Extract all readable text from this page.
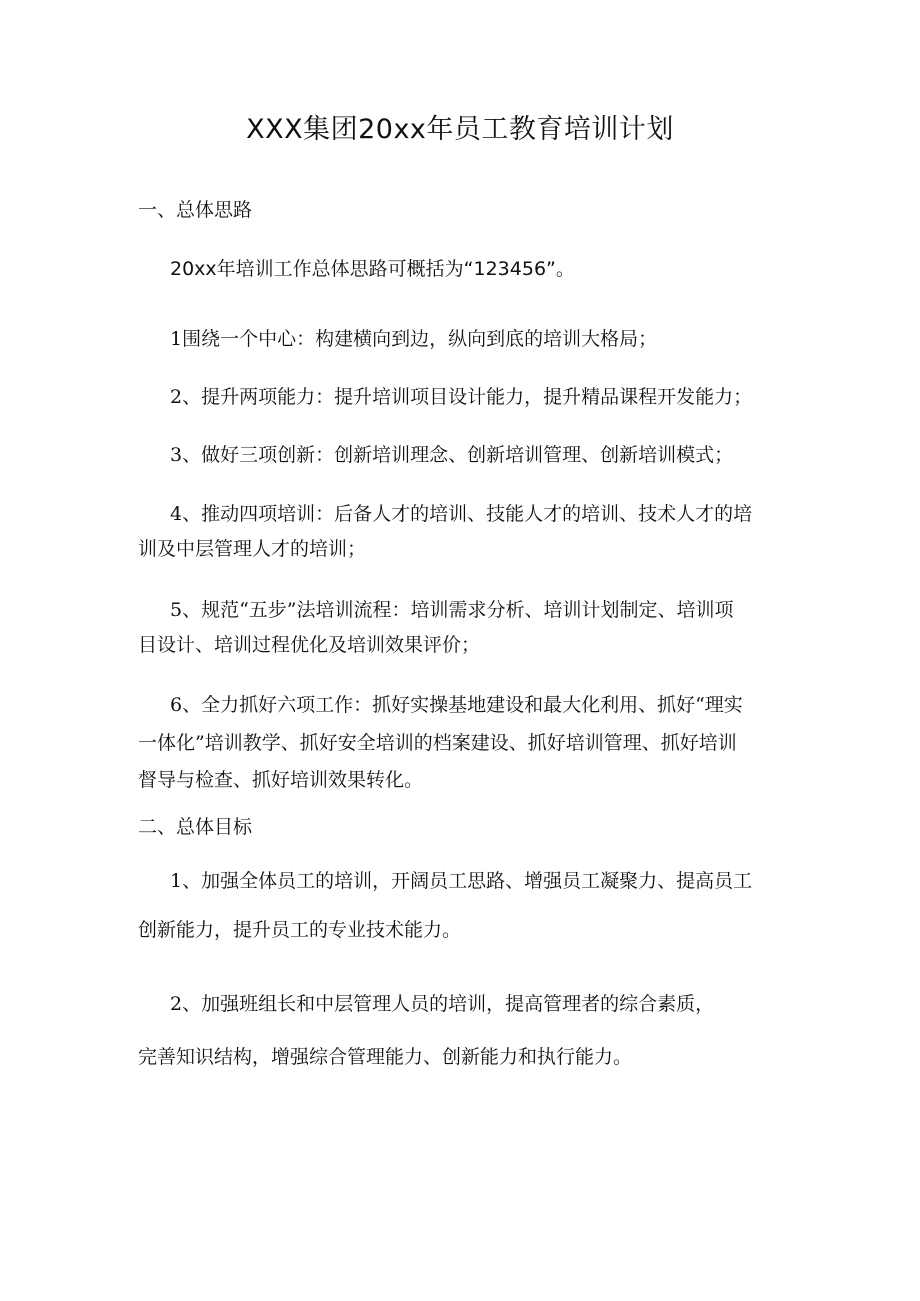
XXX集团20xx年员工教育培训计划
一、总体思路
20xx年培训工作总体思路可概括为“123456”。
1围绕一个中心：构建横向到边，纵向到底的培训大格局；
2、提升两项能力：提升培训项目设计能力，提升精品课程开发能力；
3、做好三项创新：创新培训理念、创新培训管理、创新培训模式；
4、推动四项培训：后备人才的培训、技能人才的培训、技术人才的培
训及中层管理人才的培训；
5、规范“五步”法培训流程：培训需求分析、培训计划制定、培训项
目设计、培训过程优化及培训效果评价；
6、全力抓好六项工作：抓好实操基地建设和最大化利用、抓好“理实
一体化”培训教学、抓好安全培训的档案建设、抓好培训管理、抓好培训
督导与检查、抓好培训效果转化。
二、总体目标
1、加强全体员工的培训，开阔员工思路、增强员工凝聚力、提高员工
创新能力，提升员工的专业技术能力。
2、加强班组长和中层管理人员的培训，提高管理者的综合素质，
完善知识结构，增强综合管理能力、创新能力和执行能力。
